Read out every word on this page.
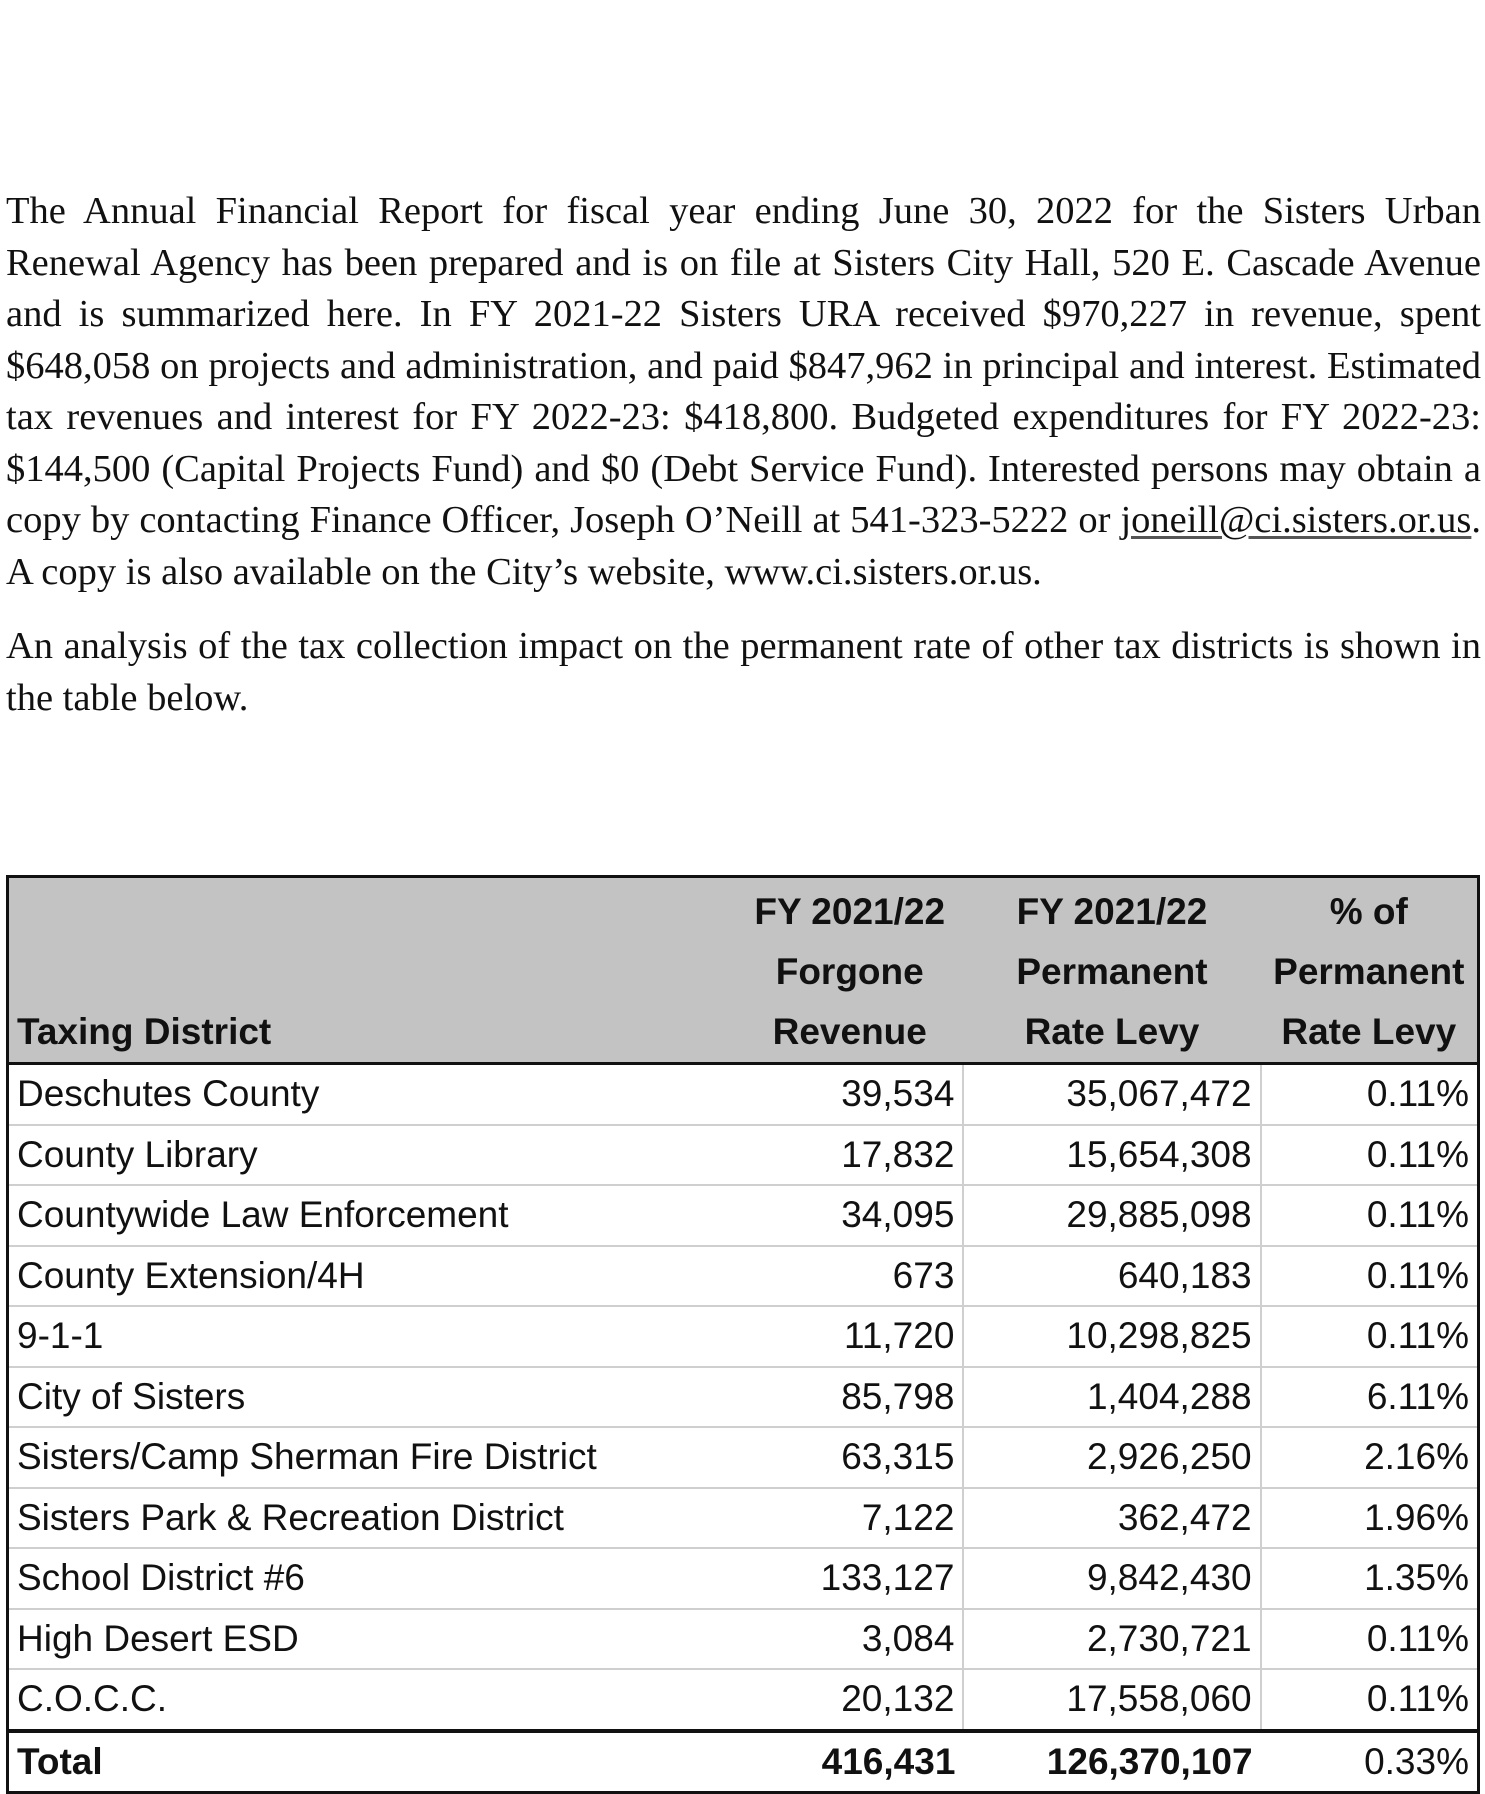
The Annual Financial Report for fiscal year ending June 30, 2022 for the Sisters Urban Renewal Agency has been prepared and is on file at Sisters City Hall, 520 E. Cascade Avenue and is summarized here. In FY 2021-22 Sisters URA received $970,227 in revenue, spent $648,058 on projects and administration, and paid $847,962 in principal and interest. Estimated tax revenues and interest for FY 2022-23: $418,800. Budgeted expenditures for FY 2022-23: $144,500 (Capital Projects Fund) and $0 (Debt Service Fund). Interested persons may obtain a copy by contacting Finance Officer, Joseph O’Neill at 541-323-5222 or joneill@ci.sisters.or.us. A copy is also available on the City’s website, www.ci.sisters.or.us.

An analysis of the tax collection impact on the permanent rate of other tax districts is shown in the table below.

	FY 2021/22	FY 2021/22	% of
	Forgone	Permanent	Permanent
Taxing District	Revenue	Rate Levy	Rate Levy
Deschutes County	39,534	35,067,472	0.11%
County Library	17,832	15,654,308	0.11%
Countywide Law Enforcement	34,095	29,885,098	0.11%
County Extension/4H	673	640,183	0.11%
9-1-1	11,720	10,298,825	0.11%
City of Sisters	85,798	1,404,288	6.11%
Sisters/Camp Sherman Fire District	63,315	2,926,250	2.16%
Sisters Park & Recreation District	7,122	362,472	1.96%
School District #6	133,127	9,842,430	1.35%
High Desert ESD	3,084	2,730,721	0.11%
C.O.C.C.	20,132	17,558,060	0.11%
Total	416,431	126,370,107	0.33%
